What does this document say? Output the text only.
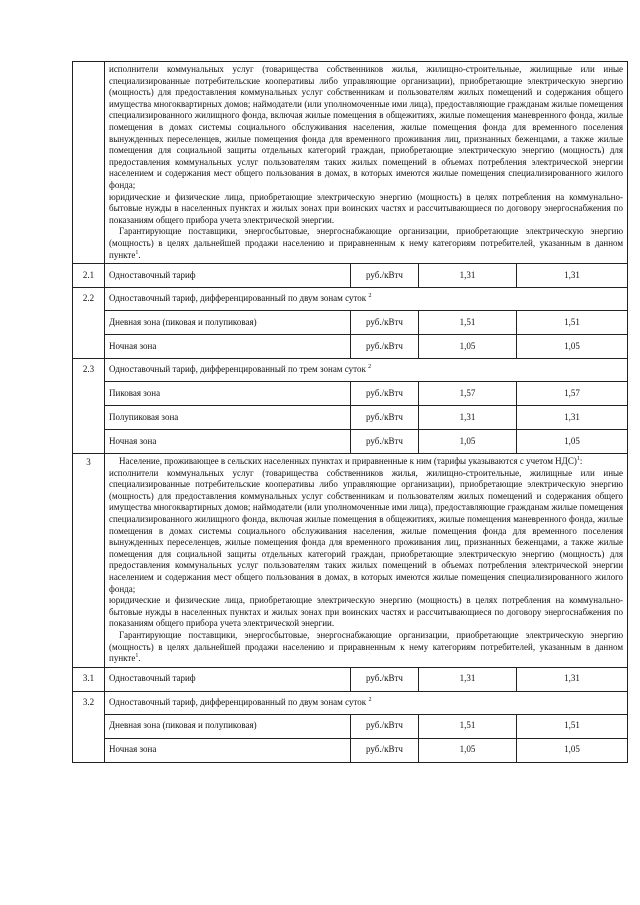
	исполнители коммунальных услуг (товарищества собственников жилья, жилищно-строительные, жилищные или иные специализированные потребительские кооперативы либо управляющие организации), приобретающие электрическую энергию (мощность) для предоставления коммунальных услуг собственникам и пользователям жилых помещений и содержания общего имущества многоквартирных домов; наймодатели (или уполномоченные ими лица), предоставляющие гражданам жилые помещения специализированного жилищного фонда, включая жилые помещения в общежитиях, жилые помещения маневренного фонда, жилые помещения в домах системы социального обслуживания населения, жилые помещения фонда для временного поселения вынужденных переселенцев, жилые помещения фонда для временного проживания лиц, признанных беженцами, а также жилые помещения для социальной защиты отдельных категорий граждан, приобретающие электрическую энергию (мощность) для предоставления коммунальных услуг пользователям таких жилых помещений в объемах потребления электрической энергии населением и содержания мест общего пользования в домах, в которых имеются жилые помещения специализированного жилого фонда;

юридические и физические лица, приобретающие электрическую энергию (мощность) в целях потребления на коммунально-бытовые нужды в населенных пунктах и жилых зонах при воинских частях и рассчитывающиеся по договору энергоснабжения по показаниям общего прибора учета электрической энергии.

Гарантирующие поставщики, энергосбытовые, энергоснабжающие организации, приобретающие электрическую энергию (мощность) в целях дальнейшей продажи населению и приравненным к нему категориям потребителей, указанным в данном пункте$^1$.			

2.1	Одноставочный тариф	руб./кВтч	1,31	1,31
2.2	Одноставочный тариф, дифференцированный по двум зонам суток $^2$
	Дневная зона (пиковая и полупиковая)	руб./кВтч	1,51	1,51
	Ночная зона	руб./кВтч	1,05	1,05
2.3	Одноставочный тариф, дифференцированный по трем зонам суток $^2$
	Пиковая зона	руб./кВтч	1,57	1,57
	Полупиковая зона	руб./кВтч	1,31	1,31
	Ночная зона	руб./кВтч	1,05	1,05
3	Население, проживающее в сельских населенных пунктах и приравненные к ним (тарифы указываются с учетом НДС)$^1$:

исполнители коммунальных услуг (товарищества собственников жилья, жилищно-строительные, жилищные или иные специализированные потребительские кооперативы либо управляющие организации), приобретающие электрическую энергию (мощность) для предоставления коммунальных услуг собственникам и пользователям жилых помещений и содержания общего имущества многоквартирных домов; наймодатели (или уполномоченные ими лица), предоставляющие гражданам жилые помещения специализированного жилищного фонда, включая жилые помещения в общежитиях, жилые помещения маневренного фонда, жилые помещения в домах системы социального обслуживания населения, жилые помещения фонда для временного поселения вынужденных переселенцев, жилые помещения фонда для временного проживания лиц, признанных беженцами, а также жилые помещения для социальной защиты отдельных категорий граждан, приобретающие электрическую энергию (мощность) для предоставления коммунальных услуг пользователям таких жилых помещений в объемах потребления электрической энергии населением и содержания мест общего пользования в домах, в которых имеются жилые помещения специализированного жилого фонда;

юридические и физические лица, приобретающие электрическую энергию (мощность) в целях потребления на коммунально-бытовые нужды в населенных пунктах и жилых зонах при воинских частях и рассчитывающиеся по договору энергоснабжения по показаниям общего прибора учета электрической энергии.

Гарантирующие поставщики, энергосбытовые, энергоснабжающие организации, приобретающие электрическую энергию (мощность) в целях дальнейшей продажи населению и приравненным к нему категориям потребителей, указанным в данном пункте$^1$.			

3.1	Одноставочный тариф	руб./кВтч	1,31	1,31
3.2	Одноставочный тариф, дифференцированный по двум зонам суток $^2$
	Дневная зона (пиковая и полупиковая)	руб./кВтч	1,51	1,51
	Ночная зона	руб./кВтч	1,05	1,05
